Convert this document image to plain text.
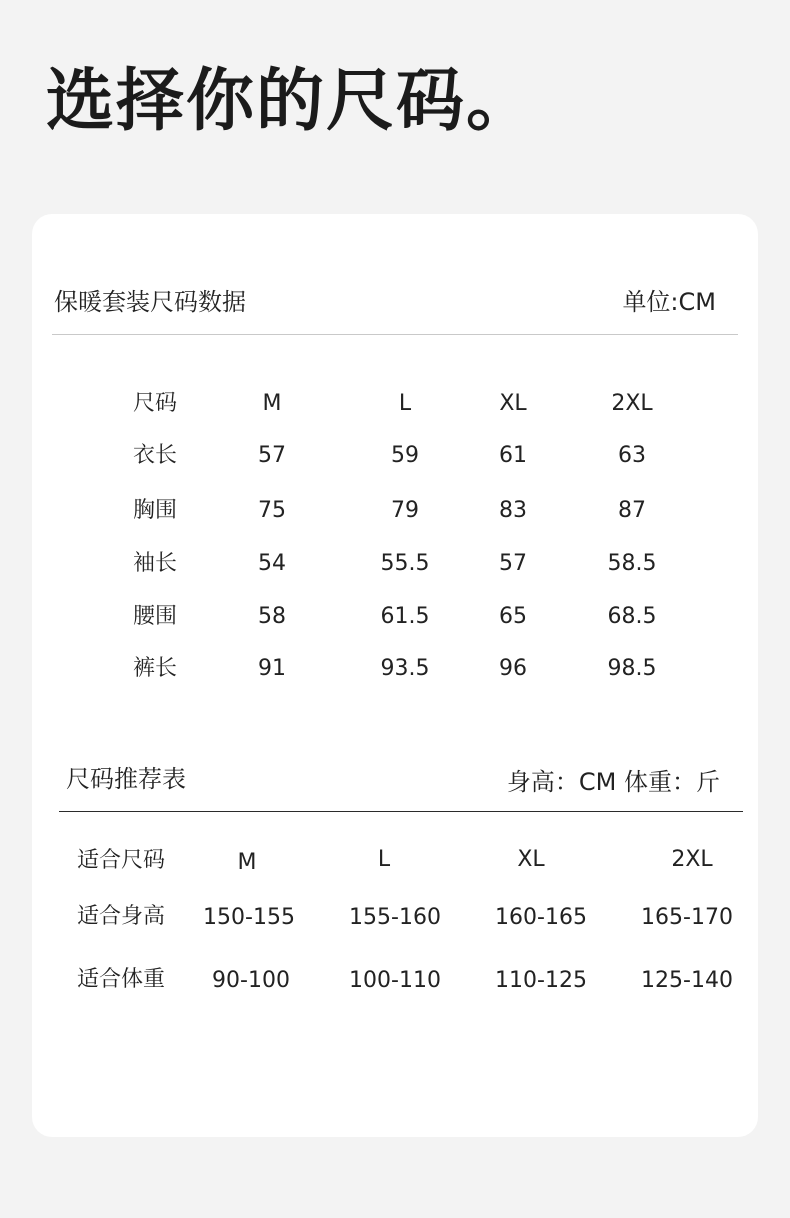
选择你的尺码。
保暖套装尺码数据	单位:CM
尺码	M	L	XL	2XL
衣长	57	59	61	63
胸围	75	79	83	87
袖长	54	55.5	57	58.5
腰围	58	61.5	65	68.5
裤长	91	93.5	96	98.5
尺码推荐表	身高：CM 体重：斤
适合尺码	M	L	XL	2XL
适合身高	150-155	155-160	160-165	165-170
适合体重	90-100	100-110	110-125	125-140
